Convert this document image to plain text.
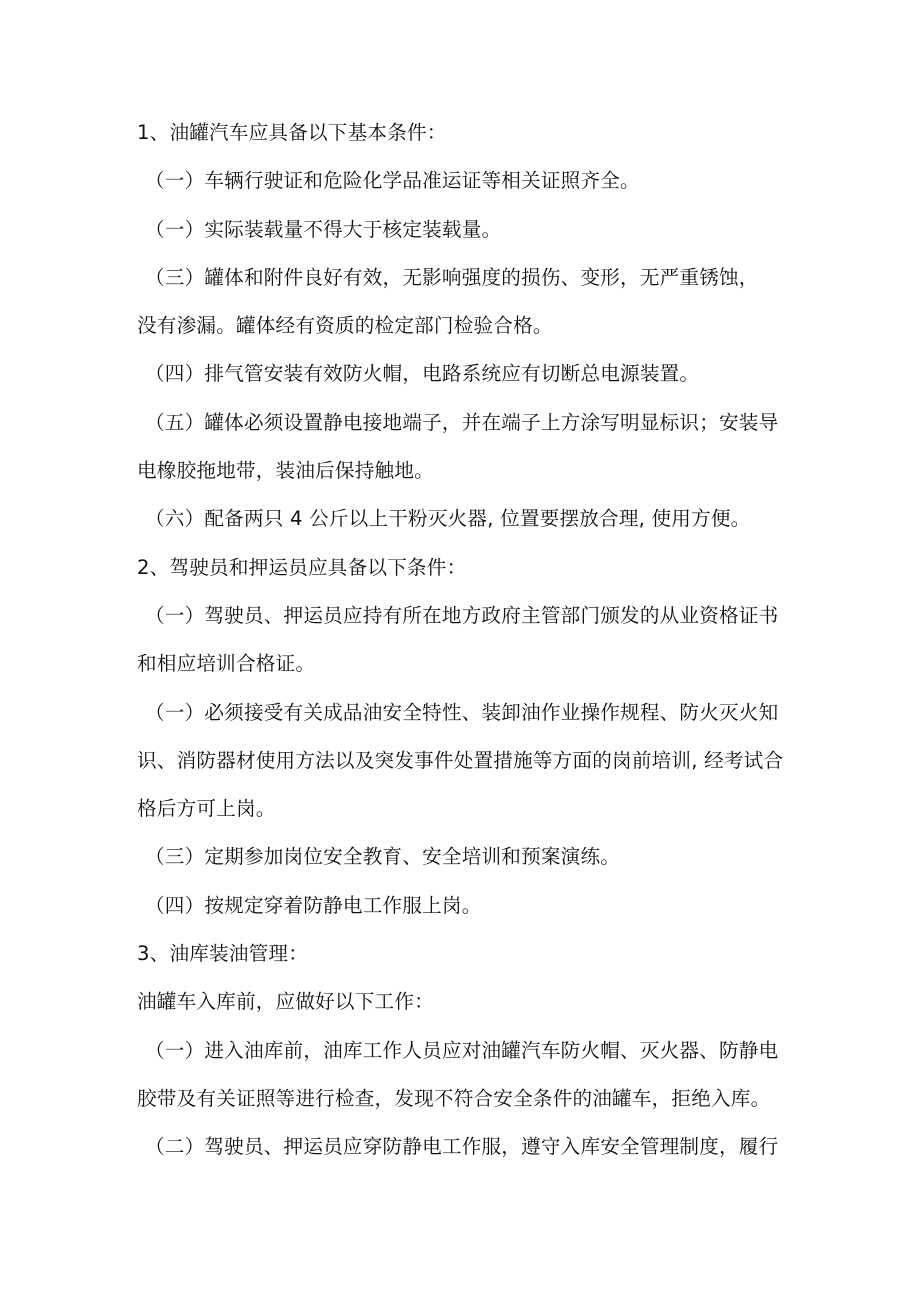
1、油罐汽车应具备以下基本条件：
（一）车辆行驶证和危险化学品准运证等相关证照齐全。
（一）实际装载量不得大于核定装载量。
（三）罐体和附件良好有效，无影响强度的损伤、变形，无严重锈蚀，
没有渗漏。罐体经有资质的检定部门检验合格。
（四）排气管安装有效防火帽，电路系统应有切断总电源装置。
（五）罐体必须设置静电接地端子，并在端子上方涂写明显标识；安装导
电橡胶拖地带，装油后保持触地。
（六）配备两只 4 公斤以上干粉灭火器, 位置要摆放合理, 使用方便。
2、驾驶员和押运员应具备以下条件：
（一）驾驶员、押运员应持有所在地方政府主管部门颁发的从业资格证书
和相应培训合格证。
（一）必须接受有关成品油安全特性、装卸油作业操作规程、防火灭火知
识、消防器材使用方法以及突发事件处置措施等方面的岗前培训, 经考试合
格后方可上岗。
（三）定期参加岗位安全教育、安全培训和预案演练。
（四）按规定穿着防静电工作服上岗。
3、油库装油管理：
油罐车入库前，应做好以下工作：
（一）进入油库前，油库工作人员应对油罐汽车防火帽、灭火器、防静电
胶带及有关证照等进行检查，发现不符合安全条件的油罐车，拒绝入库。
（二）驾驶员、押运员应穿防静电工作服，遵守入库安全管理制度，履行
